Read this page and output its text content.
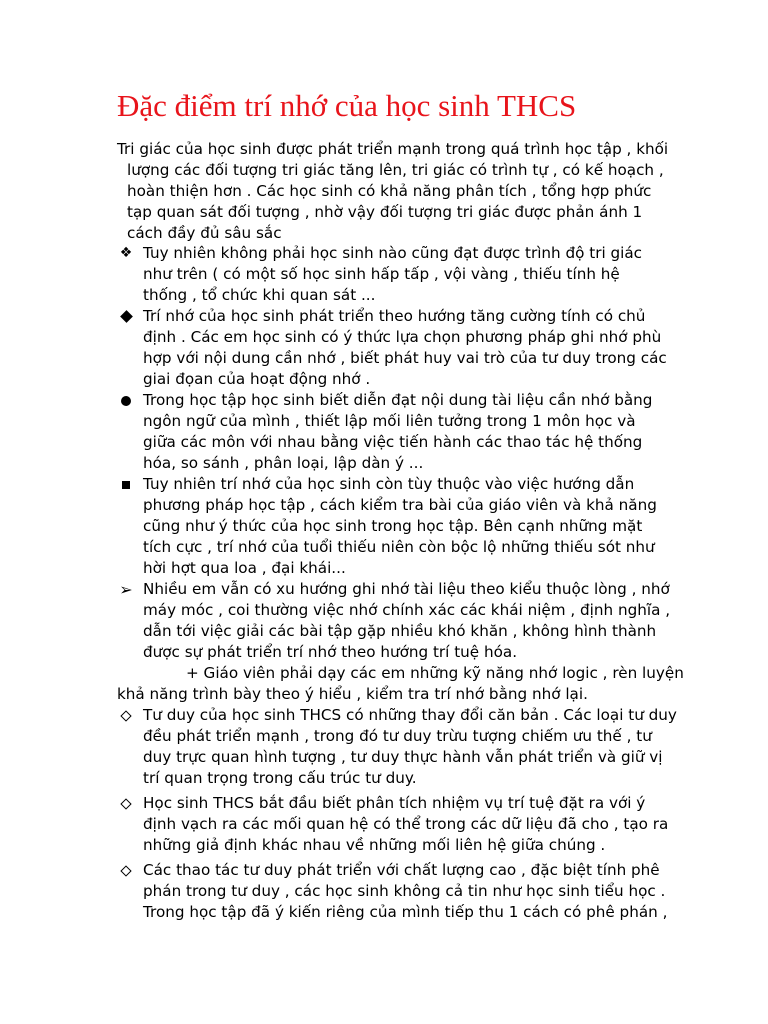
Đặc điểm trí nhớ của học sinh THCS
Tri giác của học sinh được phát triển mạnh trong quá trình học tập , khối
lượng các đối tượng tri giác tăng lên, tri giác có trình tự , có kế hoạch ,
hoàn thiện hơn . Các học sinh có khả năng phân tích , tổng hợp phức
tạp quan sát đối tượng , nhờ vậy đối tượng tri giác được phản ánh 1
cách đầy đủ sâu sắc
❖ Tuy nhiên không phải học sinh nào cũng đạt được trình độ tri giác
như trên ( có một số học sinh hấp tấp , vội vàng , thiếu tính hệ
thống , tổ chức khi quan sát ...
Trí nhớ của học sinh phát triển theo hướng tăng cường tính có chủ
định . Các em học sinh có ý thức lựa chọn phương pháp ghi nhớ phù
hợp với nội dung cần nhớ , biết phát huy vai trò của tư duy trong các
giai đọan của hoạt động nhớ .
Trong học tập học sinh biết diễn đạt nội dung tài liệu cần nhớ bằng
ngôn ngữ của mình , thiết lập mối liên tưởng trong 1 môn học và
giữa các môn với nhau bằng việc tiến hành các thao tác hệ thống
hóa, so sánh , phân loại, lập dàn ý ...
Tuy nhiên trí nhớ của học sinh còn tùy thuộc vào việc hướng dẫn
phương pháp học tập , cách kiểm tra bài của giáo viên và khả năng
cũng như ý thức của học sinh trong học tập. Bên cạnh những mặt
tích cực , trí nhớ của tuổi thiếu niên còn bộc lộ những thiếu sót như
hời hợt qua loa , đại khái...
➢ Nhiều em vẫn có xu hướng ghi nhớ tài liệu theo kiểu thuộc lòng , nhớ
máy móc , coi thường việc nhớ chính xác các khái niệm , định nghĩa ,
dẫn tới việc giải các bài tập gặp nhiều khó khăn , không hình thành
được sự phát triển trí nhớ theo hướng trí tuệ hóa.
+ Giáo viên phải dạy các em những kỹ năng nhớ logic , rèn luyện
khả năng trình bày theo ý hiểu , kiểm tra trí nhớ bằng nhớ lại.
Tư duy của học sinh THCS có những thay đổi căn bản . Các loại tư duy
đều phát triển mạnh , trong đó tư duy trừu tượng chiếm ưu thế , tư
duy trực quan hình tượng , tư duy thực hành vẫn phát triển và giữ vị
trí quan trọng trong cấu trúc tư duy.
Học sinh THCS bắt đầu biết phân tích nhiệm vụ trí tuệ đặt ra với ý
định vạch ra các mối quan hệ có thể trong các dữ liệu đã cho , tạo ra
những giả định khác nhau về những mối liên hệ giữa chúng .
Các thao tác tư duy phát triển với chất lượng cao , đặc biệt tính phê
phán trong tư duy , các học sinh không cả tin như học sinh tiểu học .
Trong học tập đã ý kiến riêng của mình tiếp thu 1 cách có phê phán ,
